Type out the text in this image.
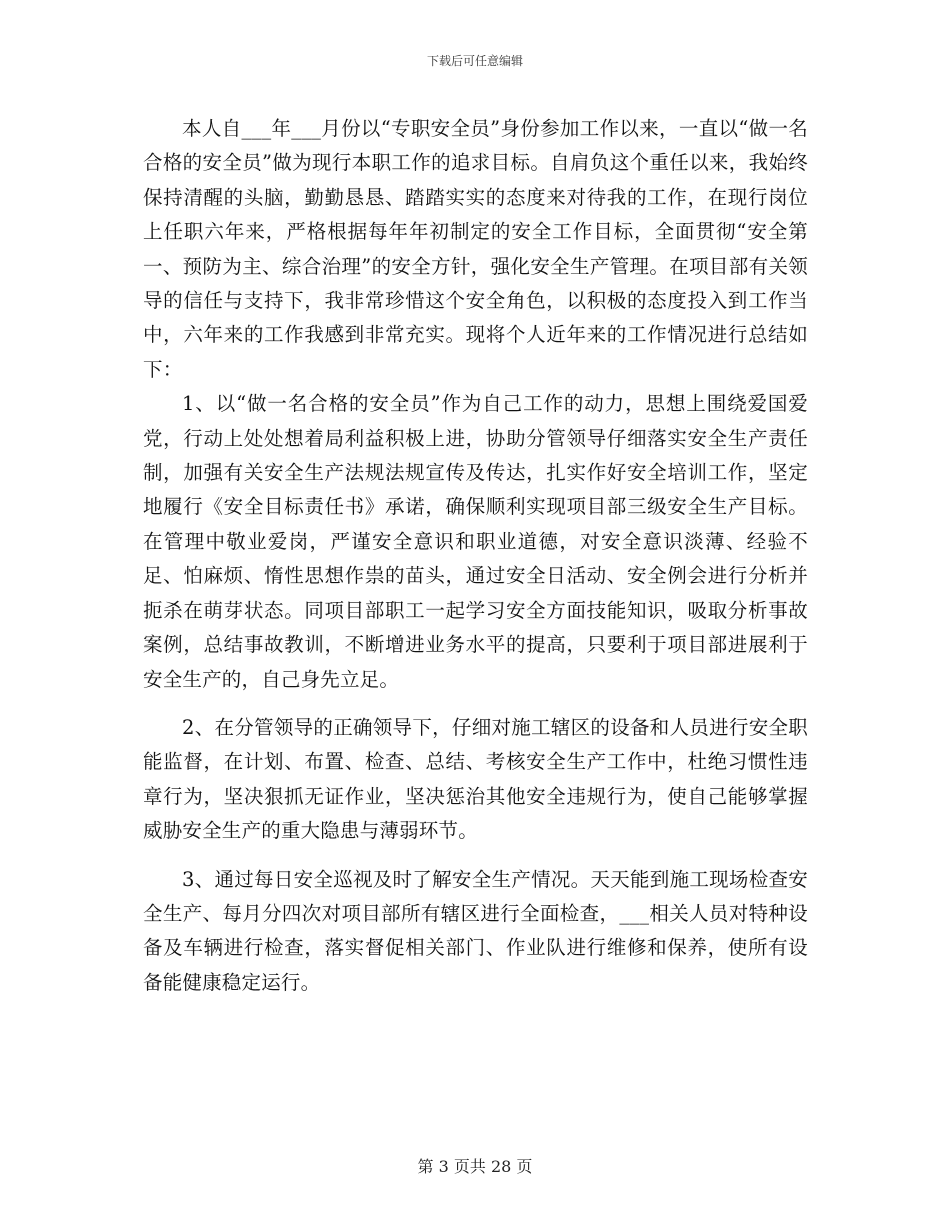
下载后可任意编辑

本人自___年___月份以“专职安全员”身份参加工作以来，一直以“做一名合格的安全员”做为现行本职工作的追求目标。自肩负这个重任以来，我始终保持清醒的头脑，勤勤恳恳、踏踏实实的态度来对待我的工作，在现行岗位上任职六年来，严格根据每年年初制定的安全工作目标，全面贯彻“安全第一、预防为主、综合治理”的安全方针，强化安全生产管理。在项目部有关领导的信任与支持下，我非常珍惜这个安全角色，以积极的态度投入到工作当中，六年来的工作我感到非常充实。现将个人近年来的工作情况进行总结如下：

1、以“做一名合格的安全员”作为自己工作的动力，思想上围绕爱国爱党，行动上处处想着局利益积极上进，协助分管领导仔细落实安全生产责任制，加强有关安全生产法规法规宣传及传达，扎实作好安全培训工作，坚定地履行《安全目标责任书》承诺，确保顺利实现项目部三级安全生产目标。在管理中敬业爱岗，严谨安全意识和职业道德，对安全意识淡薄、经验不足、怕麻烦、惰性思想作祟的苗头，通过安全日活动、安全例会进行分析并扼杀在萌芽状态。同项目部职工一起学习安全方面技能知识，吸取分析事故案例，总结事故教训，不断增进业务水平的提高，只要利于项目部进展利于安全生产的，自己身先立足。

2、在分管领导的正确领导下，仔细对施工辖区的设备和人员进行安全职能监督，在计划、布置、检查、总结、考核安全生产工作中，杜绝习惯性违章行为，坚决狠抓无证作业，坚决惩治其他安全违规行为，使自己能够掌握威胁安全生产的重大隐患与薄弱环节。

3、通过每日安全巡视及时了解安全生产情况。天天能到施工现场检查安全生产、每月分四次对项目部所有辖区进行全面检查，___相关人员对特种设备及车辆进行检查，落实督促相关部门、作业队进行维修和保养，使所有设备能健康稳定运行。

第 3 页共 28 页
